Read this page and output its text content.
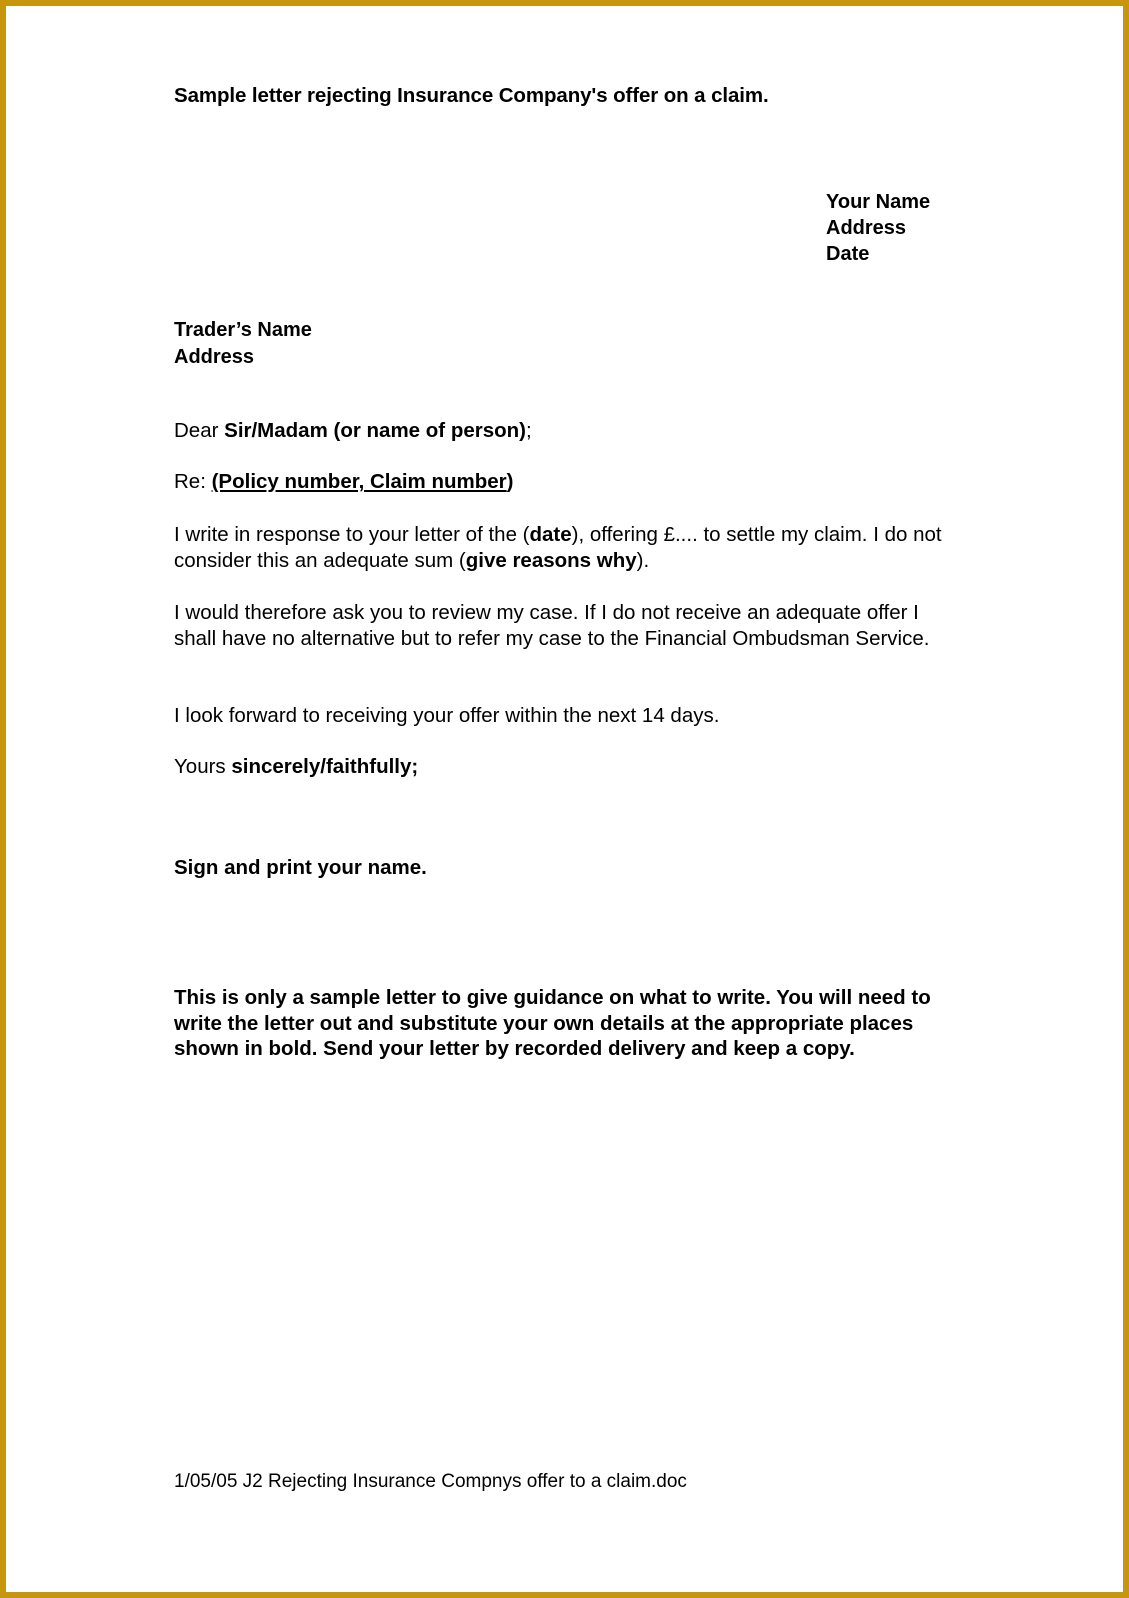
Sample letter rejecting Insurance Company's offer on a claim.
Your Name
Address
Date
Trader’s Name
Address
Dear Sir/Madam (or name of person);
Re: (Policy number, Claim number)
I write in response to your letter of the (date), offering £.... to settle my claim. I do not consider this an adequate sum (give reasons why).
I would therefore ask you to review my case. If I do not receive an adequate offer I shall have no alternative but to refer my case to the Financial Ombudsman Service.
I look forward to receiving your offer within the next 14 days.
Yours sincerely/faithfully;
Sign and print your name.
This is only a sample letter to give guidance on what to write. You will need to write the letter out and substitute your own details at the appropriate places shown in bold. Send your letter by recorded delivery and keep a copy.
1/05/05 J2 Rejecting Insurance Compnys offer to a claim.doc
